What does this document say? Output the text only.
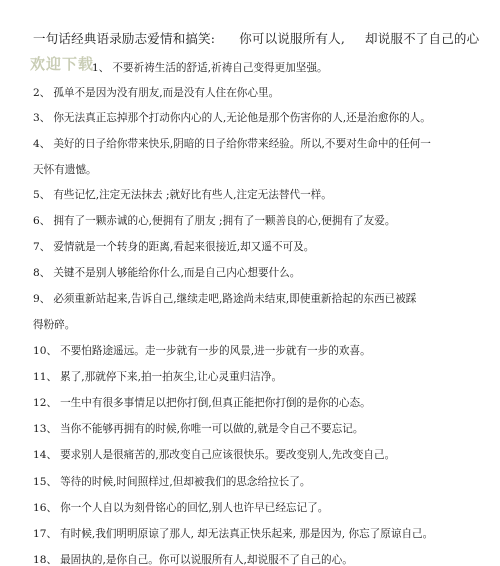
一句话经典语录励志爱情和搞笑: 你可以说服所有人, 却说服不了自己的心
欢迎下载
1、 不要祈祷生活的舒适,祈祷自己变得更加坚强。
2、 孤单不是因为没有朋友,而是没有人住在你心里。
3、 你无法真正忘掉那个打动你内心的人,无论他是那个伤害你的人,还是治愈你的人。
4、 美好的日子给你带来快乐,阴暗的日子给你带来经验。所以,不要对生命中的任何一
天怀有遗憾。
5、 有些记忆,注定无法抹去 ;就好比有些人,注定无法替代一样。
6、 拥有了一颗赤诚的心,便拥有了朋友 ;拥有了一颗善良的心,便拥有了友爱。
7、 爱情就是一个转身的距离,看起来很接近,却又遥不可及。
8、 关键不是别人够能给你什么,而是自己内心想要什么。
9、 必须重新站起来,告诉自己,继续走吧,路途尚未结束,即使重新拾起的东西已被踩
得粉碎。
10、 不要怕路途遥远。走一步就有一步的风景,进一步就有一步的欢喜。
11、 累了,那就停下来,拍一拍灰尘,让心灵重归洁净。
12、 一生中有很多事情足以把你打倒,但真正能把你打倒的是你的心态。
13、 当你不能够再拥有的时候,你唯一可以做的,就是令自己不要忘记。
14、 要求别人是很痛苦的,那改变自己应该很快乐。要改变别人,先改变自己。
15、 等待的时候,时间照样过,但却被我们的思念给拉长了。
16、 你一个人自以为刻骨铭心的回忆,别人也许早已经忘记了。
17、 有时候,我们明明原谅了那人, 却无法真正快乐起来, 那是因为, 你忘了原谅自己。
18、 最固执的,是你自己。你可以说服所有人,却说服不了自己的心。
